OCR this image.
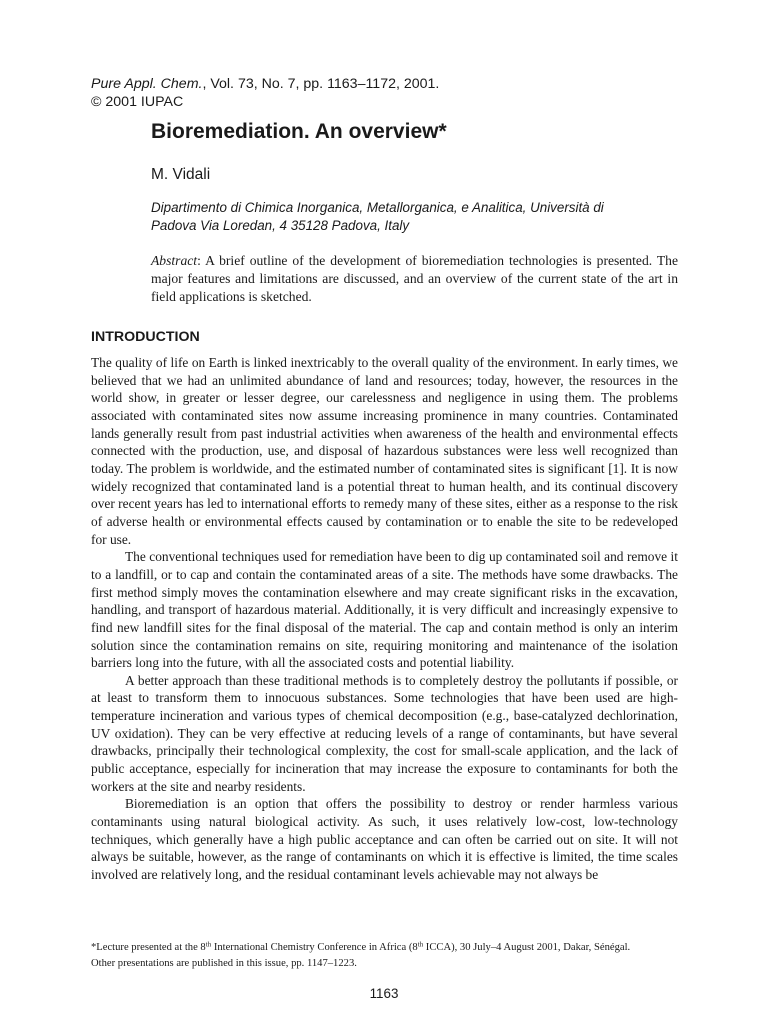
Pure Appl. Chem., Vol. 73, No. 7, pp. 1163–1172, 2001.
© 2001 IUPAC
Bioremediation. An overview*
M. Vidali
Dipartimento di Chimica Inorganica, Metallorganica, e Analitica, Università di
Padova Via Loredan, 4 35128 Padova, Italy

Abstract: A brief outline of the development of bioremediation technologies is presented. The major features and limitations are discussed, and an overview of the current state of the art in field applications is sketched.

INTRODUCTION

The quality of life on Earth is linked inextricably to the overall quality of the environment. In early times, we believed that we had an unlimited abundance of land and resources; today, however, the resources in the world show, in greater or lesser degree, our carelessness and negligence in using them. The problems associated with contaminated sites now assume increasing prominence in many countries. Contaminated lands generally result from past industrial activities when awareness of the health and environmental effects connected with the production, use, and disposal of hazardous substances were less well recognized than today. The problem is worldwide, and the estimated number of contaminated sites is significant [1]. It is now widely recognized that contaminated land is a potential threat to human health, and its continual discovery over recent years has led to international efforts to remedy many of these sites, either as a response to the risk of adverse health or environmental effects caused by contamination or to enable the site to be redeveloped for use.

The conventional techniques used for remediation have been to dig up contaminated soil and remove it to a landfill, or to cap and contain the contaminated areas of a site. The methods have some drawbacks. The first method simply moves the contamination elsewhere and may create significant risks in the excavation, handling, and transport of hazardous material. Additionally, it is very difficult and increasingly expensive to find new landfill sites for the final disposal of the material. The cap and contain method is only an interim solution since the contamination remains on site, requiring monitoring and maintenance of the isolation barriers long into the future, with all the associated costs and potential liability.

A better approach than these traditional methods is to completely destroy the pollutants if possible, or at least to transform them to innocuous substances. Some technologies that have been used are high-temperature incineration and various types of chemical decomposition (e.g., base-catalyzed dechlorination, UV oxidation). They can be very effective at reducing levels of a range of contaminants, but have several drawbacks, principally their technological complexity, the cost for small-scale application, and the lack of public acceptance, especially for incineration that may increase the exposure to contaminants for both the workers at the site and nearby residents.

Bioremediation is an option that offers the possibility to destroy or render harmless various contaminants using natural biological activity. As such, it uses relatively low-cost, low-technology techniques, which generally have a high public acceptance and can often be carried out on site. It will not always be suitable, however, as the range of contaminants on which it is effective is limited, the time scales involved are relatively long, and the residual contaminant levels achievable may not always be

*Lecture presented at the 8th International Chemistry Conference in Africa (8th ICCA), 30 July–4 August 2001, Dakar, Sénégal.
Other presentations are published in this issue, pp. 1147–1223.
1163
